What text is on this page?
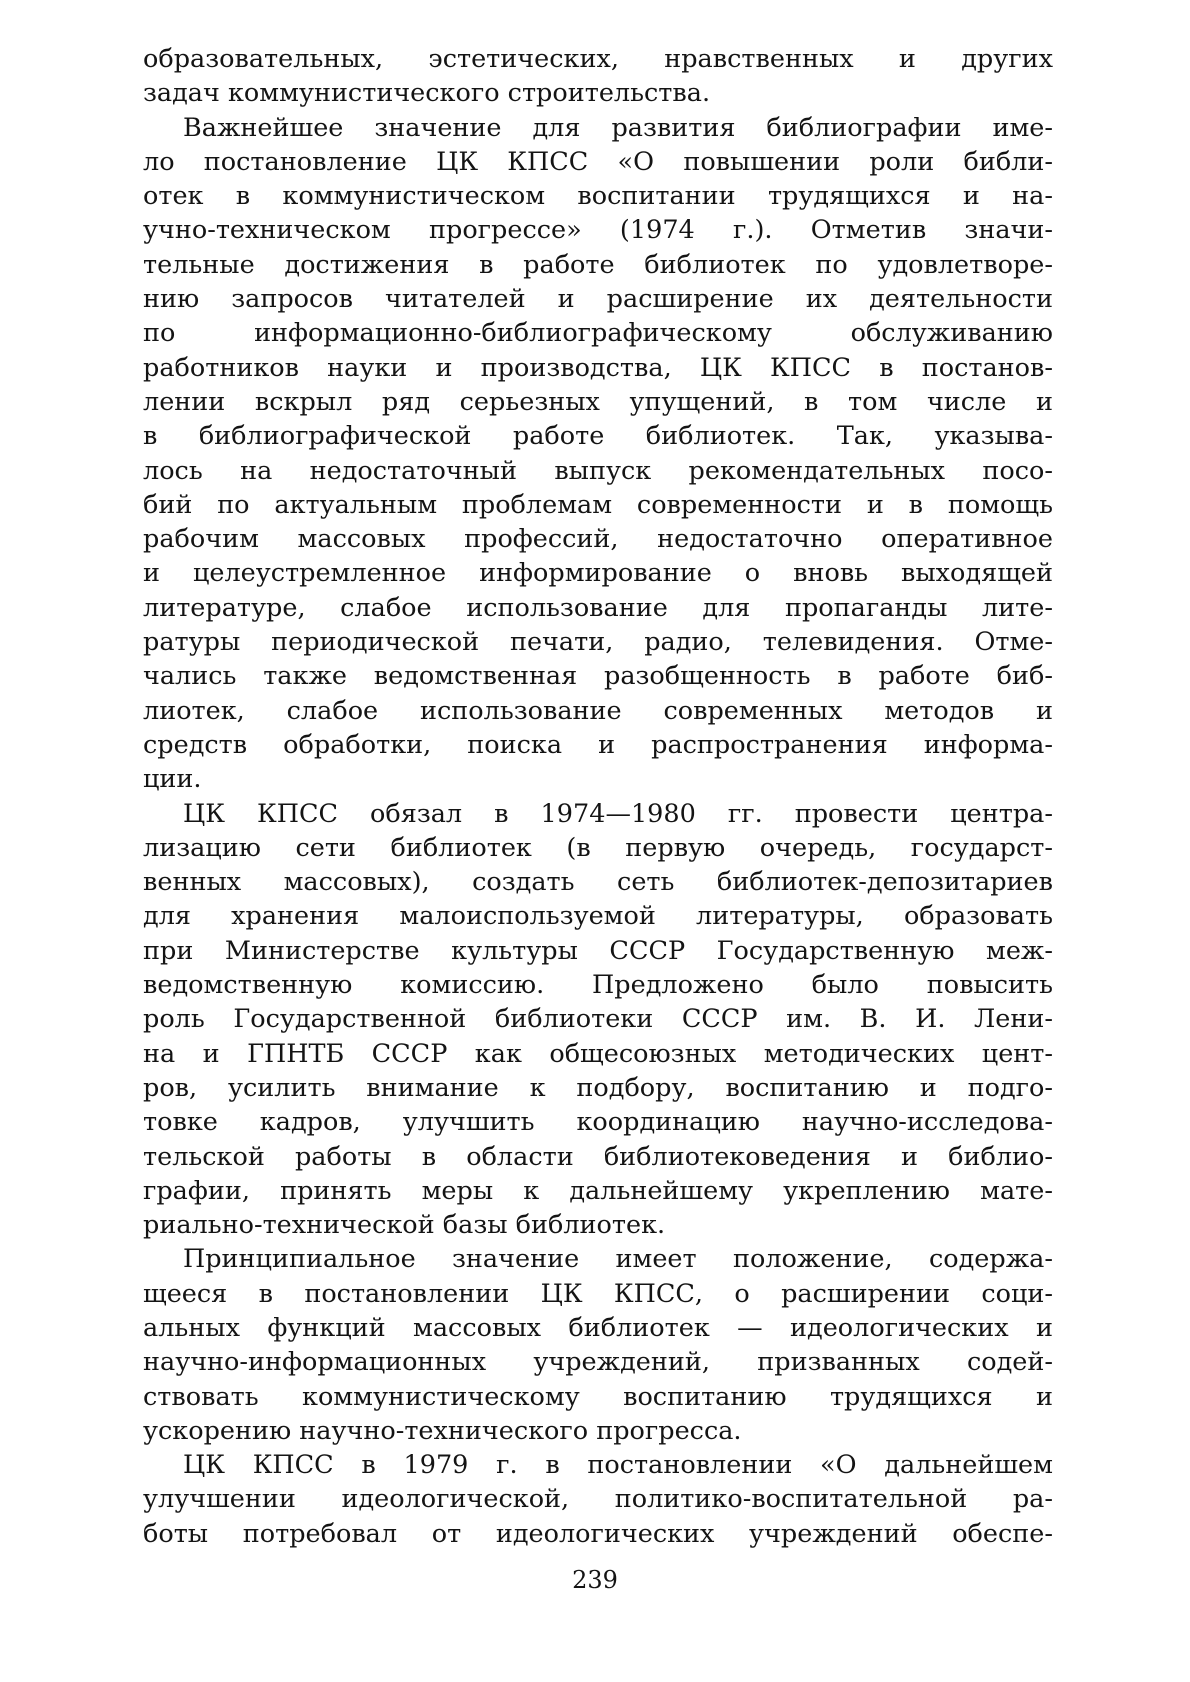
образовательных, эстетических, нравственных и других
задач коммунистического строительства.
Важнейшее значение для развития библиографии име-
ло постановление ЦК КПСС «О повышении роли библи-
отек в коммунистическом воспитании трудящихся и на-
учно-техническом прогрессе» (1974 г.). Отметив значи-
тельные достижения в работе библиотек по удовлетворе-
нию запросов читателей и расширение их деятельности
по информационно-библиографическому обслуживанию
работников науки и производства, ЦК КПСС в постанов-
лении вскрыл ряд серьезных упущений, в том числе и
в библиографической работе библиотек. Так, указыва-
лось на недостаточный выпуск рекомендательных посо-
бий по актуальным проблемам современности и в помощь
рабочим массовых профессий, недостаточно оперативное
и целеустремленное информирование о вновь выходящей
литературе, слабое использование для пропаганды лите-
ратуры периодической печати, радио, телевидения. Отме-
чались также ведомственная разобщенность в работе биб-
лиотек, слабое использование современных методов и
средств обработки, поиска и распространения информа-
ции.
ЦК КПСС обязал в 1974—1980 гг. провести центра-
лизацию сети библиотек (в первую очередь, государст-
венных массовых), создать сеть библиотек-депозитариев
для хранения малоиспользуемой литературы, образовать
при Министерстве культуры СССР Государственную меж-
ведомственную комиссию. Предложено было повысить
роль Государственной библиотеки СССР им. В. И. Лени-
на и ГПНТБ СССР как общесоюзных методических цент-
ров, усилить внимание к подбору, воспитанию и подго-
товке кадров, улучшить координацию научно-исследова-
тельской работы в области библиотековедения и библио-
графии, принять меры к дальнейшему укреплению мате-
риально-технической базы библиотек.
Принципиальное значение имеет положение, содержа-
щееся в постановлении ЦК КПСС, о расширении соци-
альных функций массовых библиотек — идеологических и
научно-информационных учреждений, призванных содей-
ствовать коммунистическому воспитанию трудящихся и
ускорению научно-технического прогресса.
ЦК КПСС в 1979 г. в постановлении «О дальнейшем
улучшении идеологической, политико-воспитательной ра-
боты потребовал от идеологических учреждений обеспе-
239
